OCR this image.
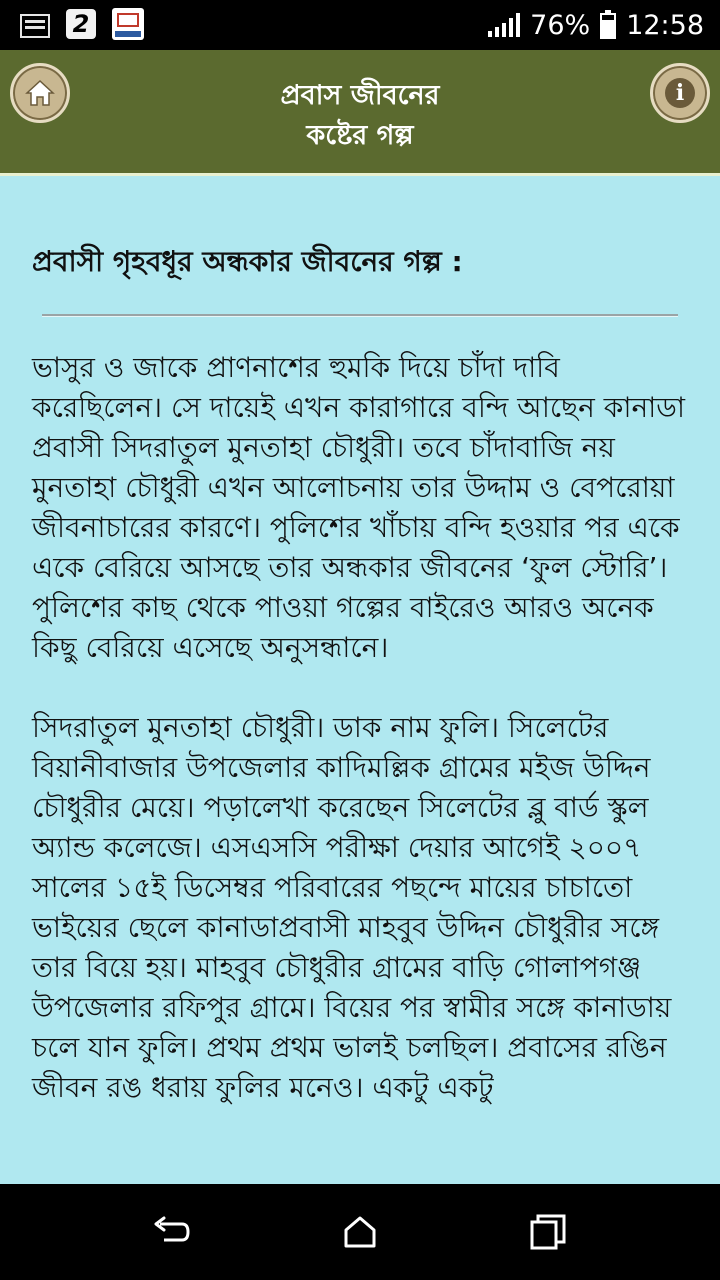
2	76% 12:58
প্রবাস জীবনের
কষ্টের গল্প
i
প্রবাসী গৃহবধূর অন্ধকার জীবনের গল্প :

ভাসুর ও জাকে প্রাণনাশের হুমকি দিয়ে চাঁদা দাবি করেছিলেন। সে দায়েই এখন কারাগারে বন্দি আছেন কানাডা প্রবাসী সিদরাতুল মুনতাহা চৌধুরী। তবে চাঁদাবাজি নয় মুনতাহা চৌধুরী এখন আলোচনায় তার উদ্দাম ও বেপরোয়া জীবনাচারের কারণে। পুলিশের খাঁচায় বন্দি হওয়ার পর একে একে বেরিয়ে আসছে তার অন্ধকার জীবনের ‘ফুল স্টোরি’। পুলিশের কাছ থেকে পাওয়া গল্পের বাইরেও আরও অনেক কিছু বেরিয়ে এসেছে অনুসন্ধানে।

সিদরাতুল মুনতাহা চৌধুরী। ডাক নাম ফুলি। সিলেটের বিয়ানীবাজার উপজেলার কাদিমল্লিক গ্রামের মইজ উদ্দিন চৌধুরীর মেয়ে। পড়ালেখা করেছেন সিলেটের ব্লু বার্ড স্কুল অ্যান্ড কলেজে। এসএসসি পরীক্ষা দেয়ার আগেই ২০০৭ সালের ১৫ই ডিসেম্বর পরিবারের পছন্দে মায়ের চাচাতো ভাইয়ের ছেলে কানাডাপ্রবাসী মাহবুব উদ্দিন চৌধুরীর সঙ্গে তার বিয়ে হয়। মাহবুব চৌধুরীর গ্রামের বাড়ি গোলাপগঞ্জ উপজেলার রফিপুর গ্রামে। বিয়ের পর স্বামীর সঙ্গে কানাডায় চলে যান ফুলি। প্রথম প্রথম ভালই চলছিল। প্রবাসের রঙিন জীবন রঙ ধরায় ফুলির মনেও। একটু একটু
